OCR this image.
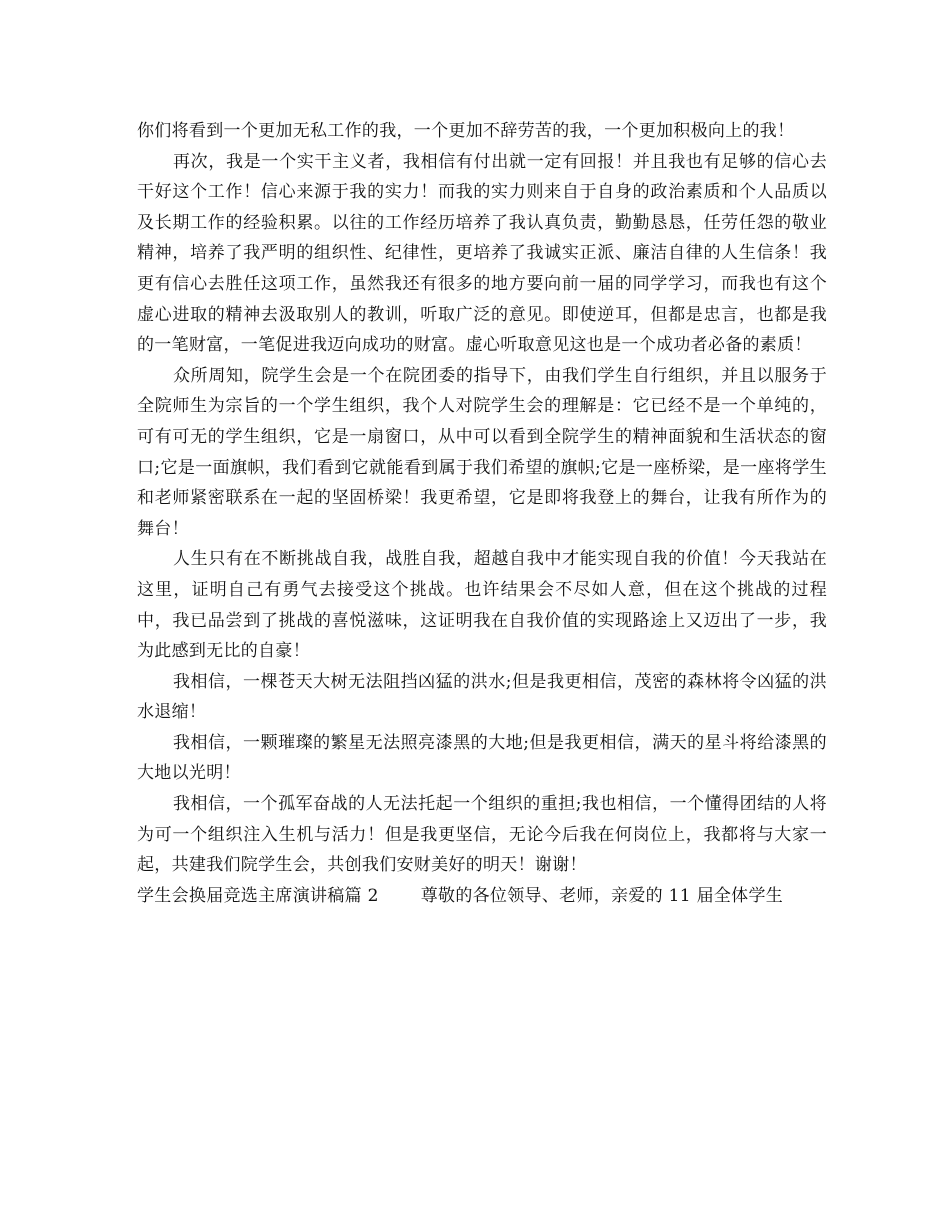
你们将看到一个更加无私工作的我，一个更加不辞劳苦的我，一个更加积极向上的我！

再次，我是一个实干主义者，我相信有付出就一定有回报！并且我也有足够的信心去干好这个工作！信心来源于我的实力！而我的实力则来自于自身的政治素质和个人品质以及长期工作的经验积累。以往的工作经历培养了我认真负责，勤勤恳恳，任劳任怨的敬业精神，培养了我严明的组织性、纪律性，更培养了我诚实正派、廉洁自律的人生信条！我更有信心去胜任这项工作，虽然我还有很多的地方要向前一届的同学学习，而我也有这个虚心进取的精神去汲取别人的教训，听取广泛的意见。即使逆耳，但都是忠言，也都是我的一笔财富，一笔促进我迈向成功的财富。虚心听取意见这也是一个成功者必备的素质！

众所周知，院学生会是一个在院团委的指导下，由我们学生自行组织，并且以服务于全院师生为宗旨的一个学生组织，我个人对院学生会的理解是：它已经不是一个单纯的，可有可无的学生组织，它是一扇窗口，从中可以看到全院学生的精神面貌和生活状态的窗口;它是一面旗帜，我们看到它就能看到属于我们希望的旗帜;它是一座桥梁，是一座将学生和老师紧密联系在一起的坚固桥梁！我更希望，它是即将我登上的舞台，让我有所作为的舞台！

人生只有在不断挑战自我，战胜自我，超越自我中才能实现自我的价值！今天我站在这里，证明自己有勇气去接受这个挑战。也许结果会不尽如人意，但在这个挑战的过程中，我已品尝到了挑战的喜悦滋味，这证明我在自我价值的实现路途上又迈出了一步，我为此感到无比的自豪！

我相信，一棵苍天大树无法阻挡凶猛的洪水;但是我更相信，茂密的森林将令凶猛的洪水退缩！

我相信，一颗璀璨的繁星无法照亮漆黑的大地;但是我更相信，满天的星斗将给漆黑的大地以光明！

我相信，一个孤军奋战的人无法托起一个组织的重担;我也相信，一个懂得团结的人将为可一个组织注入生机与活力！但是我更坚信，无论今后我在何岗位上，我都将与大家一起，共建我们院学生会，共创我们安财美好的明天！谢谢！

学生会换届竞选主席演讲稿篇 2 尊敬的各位领导、老师，亲爱的 11 届全体学生
